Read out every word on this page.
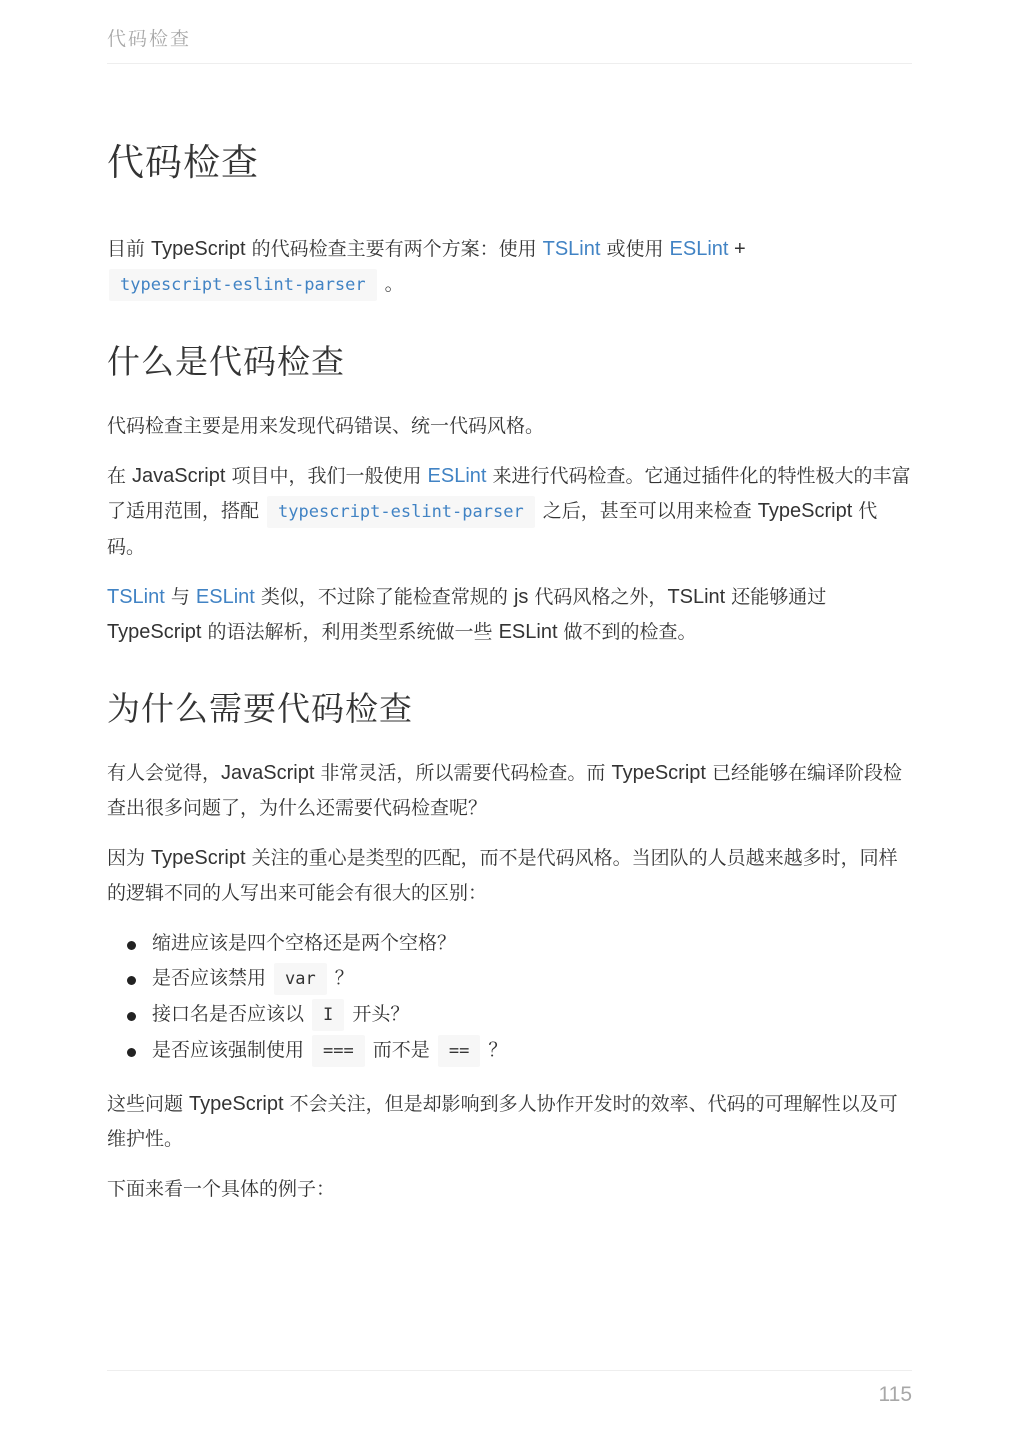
代码检查
代码检查

目前 TypeScript 的代码检查主要有两个方案：使用 TSLint 或使用 ESLint +
typescript-eslint-parser 。

什么是代码检查

代码检查主要是用来发现代码错误、统一代码风格。

在 JavaScript 项目中，我们一般使用 ESLint 来进行代码检查。它通过插件化的特性极大的丰富了适用范围，搭配 typescript-eslint-parser 之后，甚至可以用来检查 TypeScript 代码。

TSLint 与 ESLint 类似，不过除了能检查常规的 js 代码风格之外，TSLint 还能够通过 TypeScript 的语法解析，利用类型系统做一些 ESLint 做不到的检查。

为什么需要代码检查

有人会觉得，JavaScript 非常灵活，所以需要代码检查。而 TypeScript 已经能够在编译阶段检查出很多问题了，为什么还需要代码检查呢？

因为 TypeScript 关注的重心是类型的匹配，而不是代码风格。当团队的人员越来越多时，同样的逻辑不同的人写出来可能会有很大的区别：

缩进应该是四个空格还是两个空格？
是否应该禁用 var ？
接口名是否应该以 I 开头？
是否应该强制使用 === 而不是 == ？

这些问题 TypeScript 不会关注，但是却影响到多人协作开发时的效率、代码的可理解性以及可维护性。

下面来看一个具体的例子：

115
